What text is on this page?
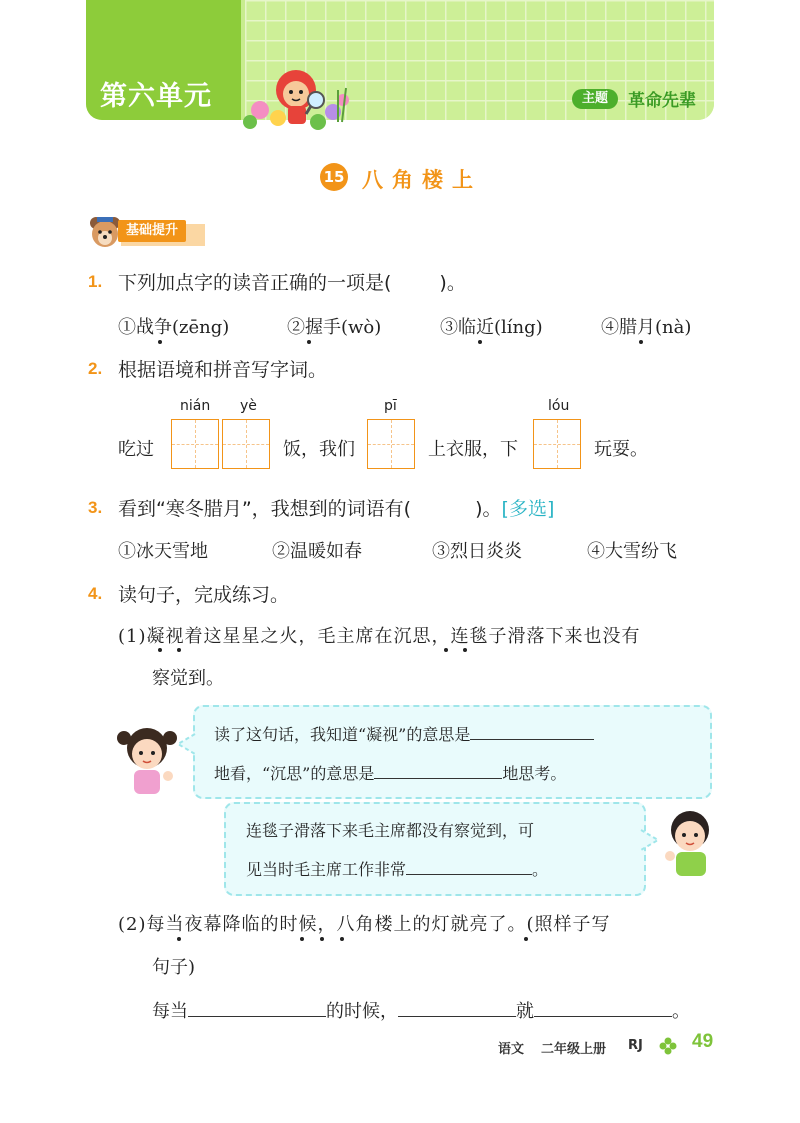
第六单元	主题	革命先辈
15 八角楼上
基础提升
1. 下列加点字的读音正确的一项是(	)。
①战争(zēng)	②握手(wò)	③临近(líng)	④腊月(nà)
2. 根据语境和拼音写字词。
nián yè	pī	lóu
吃过	饭，我们	上衣服，下	玩耍。
3. 看到“寒冬腊月”，我想到的词语有(	)。[多选]
①冰天雪地	②温暖如春	③烈日炎炎	④大雪纷飞
4. 读句子，完成练习。
(1)凝视着这星星之火，毛主席在沉思，连毯子滑落下来也没有
察觉到。
读了这句话，我知道“凝视”的意思是
地看，“沉思”的意思是	地思考。
连毯子滑落下来毛主席都没有察觉到，可
见当时毛主席工作非常	。
(2)每当夜幕降临的时候，八角楼上的灯就亮了。(照样子写
句子)
每当	的时候，	就	。
语文 二年级上册 RJ	49
